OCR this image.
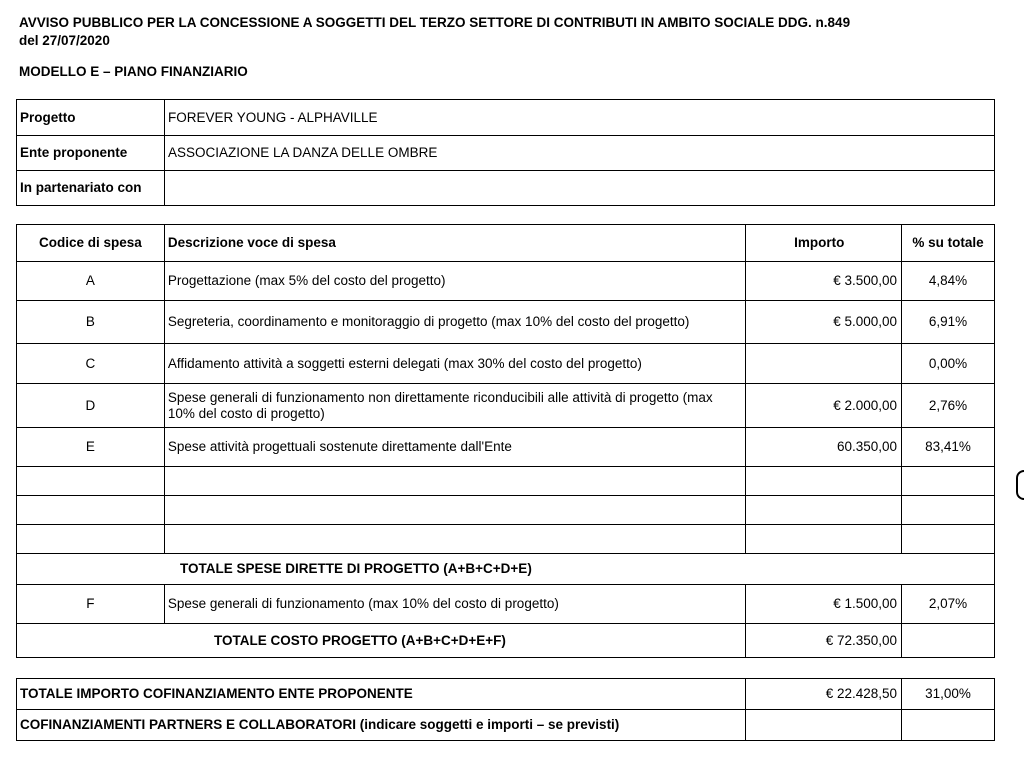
AVVISO PUBBLICO PER LA CONCESSIONE A SOGGETTI DEL TERZO SETTORE DI CONTRIBUTI IN AMBITO SOCIALE DDG. n.849
del 27/07/2020
MODELLO E – PIANO FINANZIARIO
Progetto	FOREVER YOUNG - ALPHAVILLE
Ente proponente	ASSOCIAZIONE LA DANZA DELLE OMBRE
In partenariato con	
Codice di spesa	Descrizione voce di spesa	Importo	% su totale
A	Progettazione (max 5% del costo del progetto)	€ 3.500,00	4,84%
B	Segreteria, coordinamento e monitoraggio di progetto (max 10% del costo del progetto)	€ 5.000,00	6,91%
C	Affidamento attività a soggetti esterni delegati (max 30% del costo del progetto)		0,00%
D	Spese generali di funzionamento non direttamente riconducibili alle attività di progetto (max 10% del costo di progetto)	€ 2.000,00	2,76%
E	Spese attività progettuali sostenute direttamente dall'Ente	60.350,00	83,41%

TOTALE SPESE DIRETTE DI PROGETTO (A+B+C+D+E)			
F	Spese generali di funzionamento (max 10% del costo di progetto)	€ 1.500,00	2,07%
TOTALE COSTO PROGETTO (A+B+C+D+E+F)		€ 72.350,00	
TOTALE IMPORTO COFINANZIAMENTO ENTE PROPONENTE	€ 22.428,50	31,00%
COFINANZIAMENTI PARTNERS E COLLABORATORI (indicare soggetti e importi – se previsti)		
